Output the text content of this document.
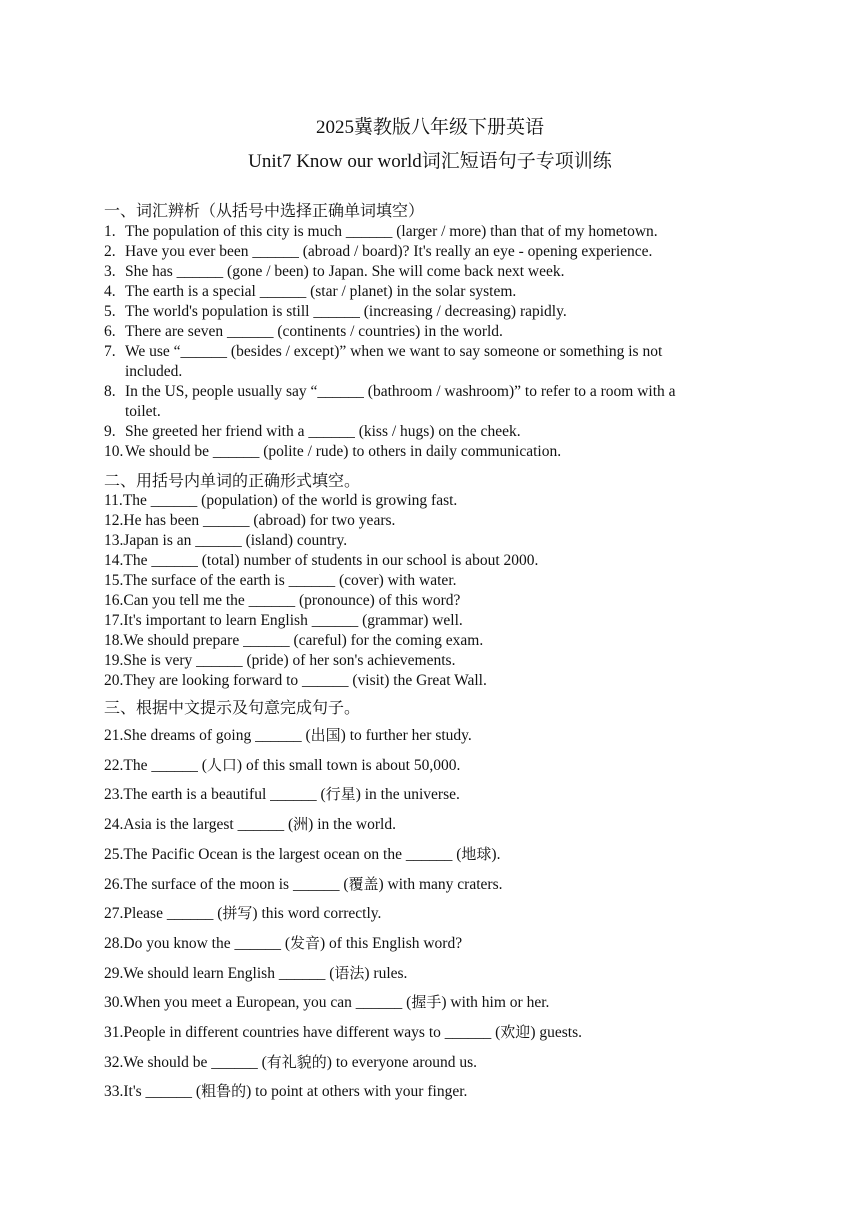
2025冀教版八年级下册英语
Unit7 Know our world词汇短语句子专项训练
一、词汇辨析（从括号中选择正确单词填空）
1. The population of this city is much ______ (larger / more) than that of my hometown.
2. Have you ever been ______ (abroad / board)? It's really an eye - opening experience.
3. She has ______ (gone / been) to Japan. She will come back next week.
4. The earth is a special ______ (star / planet) in the solar system.
5. The world's population is still ______ (increasing / decreasing) rapidly.
6. There are seven ______ (continents / countries) in the world.
7. We use “______ (besides / except)” when we want to say someone or something is not
included.
8. In the US, people usually say “______ (bathroom / washroom)” to refer to a room with a
toilet.
9. She greeted her friend with a ______ (kiss / hugs) on the cheek.
10. We should be ______ (polite / rude) to others in daily communication.
二、用括号内单词的正确形式填空。
11.The ______ (population) of the world is growing fast.
12.He has been ______ (abroad) for two years.
13.Japan is an ______ (island) country.
14.The ______ (total) number of students in our school is about 2000.
15.The surface of the earth is ______ (cover) with water.
16.Can you tell me the ______ (pronounce) of this word?
17.It's important to learn English ______ (grammar) well.
18.We should prepare ______ (careful) for the coming exam.
19.She is very ______ (pride) of her son's achievements.
20.They are looking forward to ______ (visit) the Great Wall.
三、根据中文提示及句意完成句子。
21.She dreams of going ______ (出国) to further her study.
22.The ______ (人口) of this small town is about 50,000.
23.The earth is a beautiful ______ (行星) in the universe.
24.Asia is the largest ______ (洲) in the world.
25.The Pacific Ocean is the largest ocean on the ______ (地球).
26.The surface of the moon is ______ (覆盖) with many craters.
27.Please ______ (拼写) this word correctly.
28.Do you know the ______ (发音) of this English word?
29.We should learn English ______ (语法) rules.
30.When you meet a European, you can ______ (握手) with him or her.
31.People in different countries have different ways to ______ (欢迎) guests.
32.We should be ______ (有礼貌的) to everyone around us.
33.It's ______ (粗鲁的) to point at others with your finger.
